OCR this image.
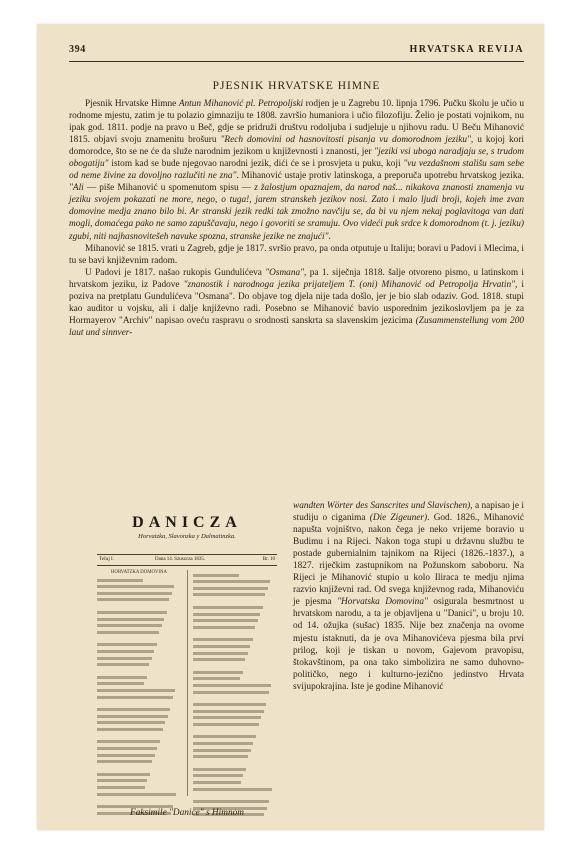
394	HRVATSKA REVIJA
PJESNIK HRVATSKE HIMNE

Pjesnik Hrvatske Himne Antun Mihanović pl. Petropoljski rodjen je u Zagrebu 10. lipnja 1796. Pučku školu je učio u rodnome mjestu, zatim je tu polazio gimnaziju te 1808. završio humaniora i učio filozofiju. Želio je postati vojnikom, nu ipak god. 1811. podje na pravo u Beč, gdje se pridruži društvu rodoljuba i sudjeluje u njihovu radu. U Beču Mihanović 1815. objavi svoju znamenitu brošuru "Rech domovini od hasnovitosti pisanja vu domorodnom jeziku", u kojoj kori domorodce, što se ne će da služe narodnim jezikom u književnosti i znanosti, jer "jeziki vsi uboga naradjaju se, s trudom obogatiju" istom kad se bude njegovao narodni jezik, dići će se i prosvjeta u puku, koji "vu vezdašnom stališu sam sebe od neme živine za dovoljno razlučiti ne zna". Mihanović ustaje protiv latinskoga, a preporuča upotrebu hrvatskog jezika. "Ali — piše Mihanović u spomenutom spisu — z žalostjum opaznajem, da narod naš... nikakova znanosti znamenja vu jeziku svojem pokazati ne more, nego, o tuga!, jarem stranskeh jezikov nosi. Zato i malo ljudi broji, kojeh ime zvan domovine medja znano bilo bi. Ar stranski jezik redki tak zmožno navčiju se, da bi vu njem nekaj poglavitoga van dati mogli, domaćega pako ne samo zapuščavaju, nego i govoriti se sramuju. Ovo videći puk srdce k domorodnom (t. j. jeziku) zgubi, niti najhasnovitešeh navuke spozna, stranske jezike ne znajući".

Mihanović se 1815. vrati u Zagreb, gdje je 1817. svršio pravo, pa onda otputuje u Italiju; boravi u Padovi i Mlecima, i tu se bavi književnim radom.

U Padovi je 1817. našao rukopis Gundulićeva "Osmana", pa 1. siječnja 1818. šalje otvoreno pismo, u latinskom i hrvatskom jeziku, iz Padove "znanostik i narodnoga jezika prijateljem T. (oni) Mihanović od Petropolja Hrvatin", i poziva na pretplatu Gundulićeva "Osmana". Do objave tog djela nije tada došlo, jer je bio slab odaziv. God. 1818. stupi kao auditor u vojsku, ali i dalje književno radi. Posebno se Mihanović bavio usporednim jezikoslovljem pa je za Hormayerov "Archiv" napisao oveću raspravu o srodnosti sanskrta sa slavenskim jezicima (Zusammenstellung vom 200 laut und sinnver-

DANICZA
Horvatzka, Slavonzka y Dalmatinzka.
Tečaj I.	Dana 14. Szuszcza 1835.	Br. 10
HORVATZKA DOMOVINA
Faksimile "Danice" s Himnom

wandten Wörter des Sanscrites und Slavischen), a napisao je i studiju o ciganima (Die Zigeuner). God. 1826., Mihanović napušta vojništvo, nakon čega je neko vrijeme boravio u Budimu i na Rijeci. Nakon toga stupi u državnu službu te postade gubernialnim tajnikom na Rijeci (1826.-1837.), a 1827. riječkim zastupnikom na Požunskom saboboru. Na Rijeci je Mihanović stupio u kolo Iliraca te medju njima razvio književni rad. Od svega književnog rada, Mihanoviću je pjesma "Horvatska Domovina" osigurala besmrtnost u hrvatskom narodu, a ta je objavljena u "Danici", u broju 10. od 14. ožujka (sušac) 1835. Nije bez značenja na ovome mjestu istaknuti, da je ova Mihanovićeva pjesma bila prvi prilog, koji je tiskan u novom, Gajevom pravopisu, štokavštinom, pa ona tako simbolizira ne samo duhovno-političko, nego i kulturno-jezično jedinstvo Hrvata svijupokrajina. Iste je godine Mihanović
